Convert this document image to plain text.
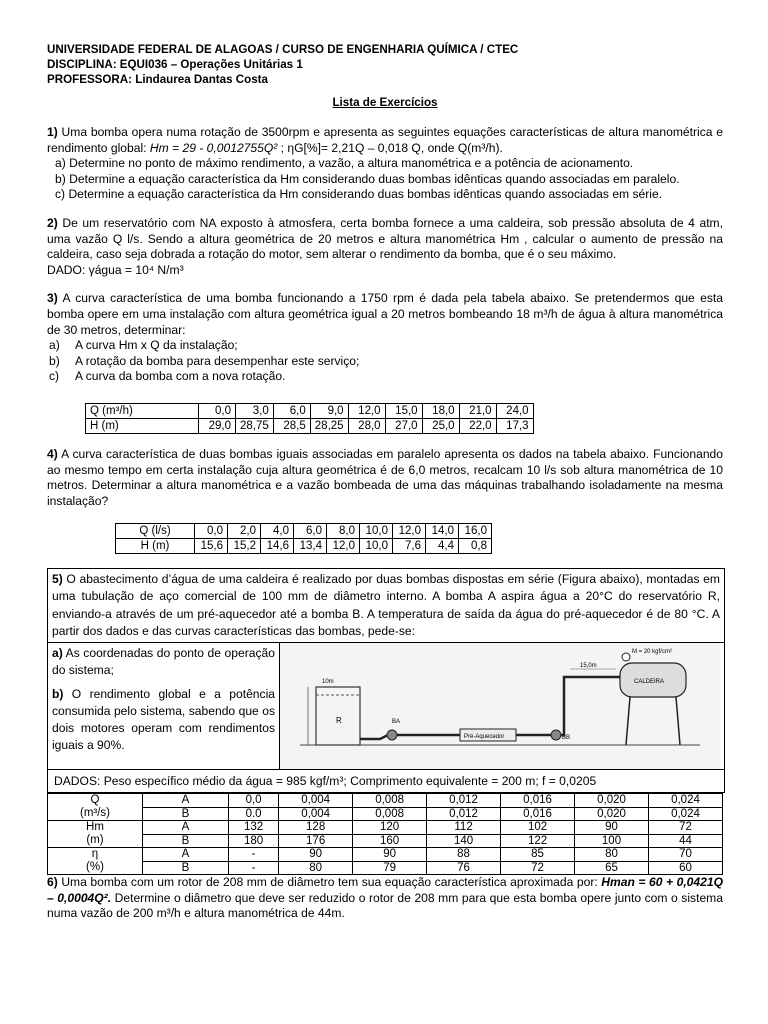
UNIVERSIDADE FEDERAL DE ALAGOAS / CURSO DE ENGENHARIA QUÍMICA / CTEC

DISCIPLINA: EQUI036 – Operações Unitárias 1

PROFESSORA: Lindaurea Dantas Costa

Lista de Exercícios
1) Uma bomba opera numa rotação de 3500rpm e apresenta as seguintes equações características de altura manométrica e rendimento global: Hm = 29 - 0,0012755Q² ; ηG[%]= 2,21Q – 0,018 Q, onde Q(m³/h).

a) Determine no ponto de máximo rendimento, a vazão, a altura manométrica e a potência de acionamento.

b) Determine a equação característica da Hm considerando duas bombas idênticas quando associadas em paralelo.

c) Determine a equação característica da Hm considerando duas bombas idênticas quando associadas em série.

2) De um reservatório com NA exposto à atmosfera, certa bomba fornece a uma caldeira, sob pressão absoluta de 4 atm, uma vazão Q l/s. Sendo a altura geométrica de 20 metros e altura manométrica Hm , calcular o aumento de pressão na caldeira, caso seja dobrada a rotação do motor, sem alterar o rendimento da bomba, que é o seu máximo.
DADO: γágua = 10⁴ N/m³
3) A curva característica de uma bomba funcionando a 1750 rpm é dada pela tabela abaixo. Se pretendermos que esta bomba opere em uma instalação com altura geométrica igual a 20 metros bombeando 18 m³/h de água à altura manométrica de 30 metros, determinar:
a)	A curva Hm x Q da instalação;
b)	A rotação da bomba para desempenhar este serviço;
c)	A curva da bomba com a nova rotação.
Q (m³/h)	0,0	3,0	6,0	9,0	12,0	15,0	18,0	21,0	24,0
H (m)	29,0	28,75	28,5	28,25	28,0	27,0	25,0	22,0	17,3
4) A curva característica de duas bombas iguais associadas em paralelo apresenta os dados na tabela abaixo. Funcionando ao mesmo tempo em certa instalação cuja altura geométrica é de 6,0 metros, recalcam 10 l/s sob altura manométrica de 10 metros. Determinar a altura manométrica e a vazão bombeada de uma das máquinas trabalhando isoladamente na mesma instalação?
Q (l/s)	0,0	2,0	4,0	6,0	8,0	10,0	12,0	14,0	16,0
H (m)	15,6	15,2	14,6	13,4	12,0	10,0	7,6	4,4	0,8
5) O abastecimento d’água de uma caldeira é realizado por duas bombas dispostas em série (Figura abaixo), montadas em uma tubulação de aço comercial de 100 mm de diâmetro interno. A bomba A aspira água a 20°C do reservatório R, enviando-a através de um pré-aquecedor até a bomba B. A temperatura de saída da água do pré-aquecedor é de 80 °C. A partir dos dados e das curvas características das bombas, pede-se:

a) As coordenadas do ponto de operação do sistema;

b) O rendimento global e a potência consumida pelo sistema, sabendo que os dois motores operam com rendimentos iguais a 90%.

R
10m
BA
Pré-Aquecedor	BB
15,0m
CALDEIRA
M = 20 kgf/cm²
DADOS: Peso específico médio da água = 985 kgf/m³; Comprimento equivalente = 200 m; f = 0,0205
Q
(m³/s)	A	0,0	0,004	0,008	0,012	0,016	0,020	0,024
	B	0.0	0,004	0,008	0,012	0,016	0,020	0,024
Hm
(m)	A	132	128	120	112	102	90	72
	B	180	176	160	140	122	100	44
η
(%)	A	-	90	90	88	85	80	70
	B	-	80	79	76	72	65	60
6) Uma bomba com um rotor de 208 mm de diâmetro tem sua equação característica aproximada por: Hman = 60 + 0,0421Q – 0,0004Q². Determine o diâmetro que deve ser reduzido o rotor de 208 mm para que esta bomba opere junto com o sistema numa vazão de 200 m³/h e altura manométrica de 44m.
